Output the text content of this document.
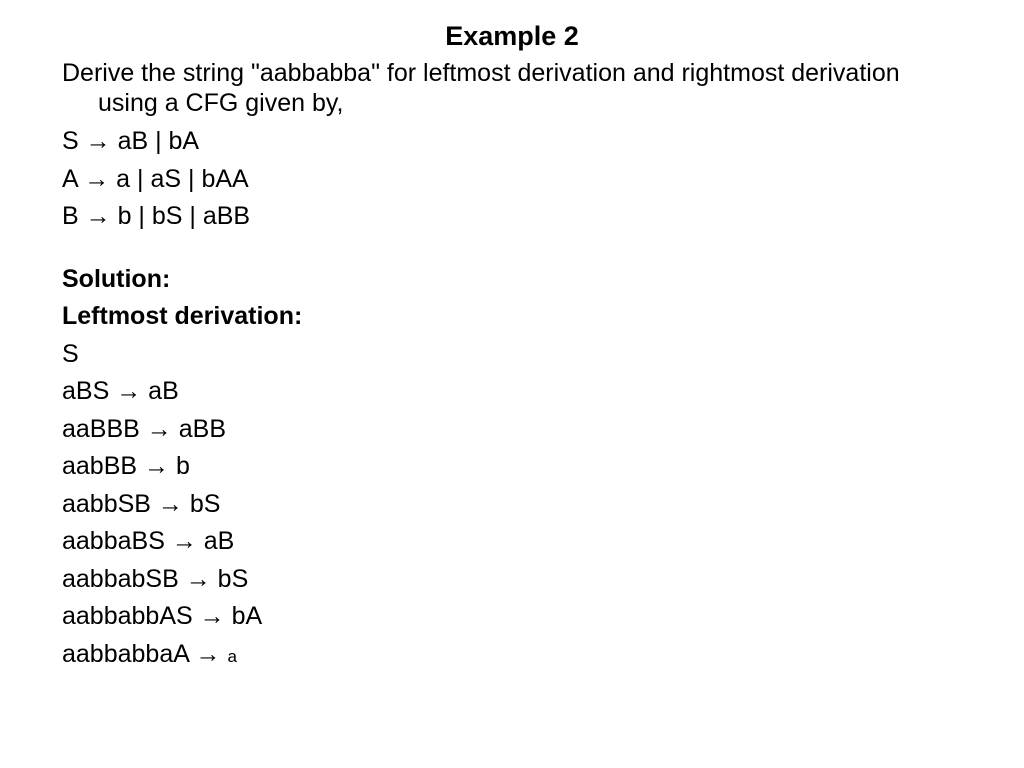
Example 2
Derive the string "aabbabba" for leftmost derivation and rightmost derivation using a CFG given by,
S → aB | bA
A → a | aS | bAA
B → b | bS | aBB
Solution:
Leftmost derivation:
S
aBS → aB
aaBBB → aBB
aabBB → b
aabbSB → bS
aabbaBS → aB
aabbabSB → bS
aabbabbAS → bA
aabbabbaA → a
